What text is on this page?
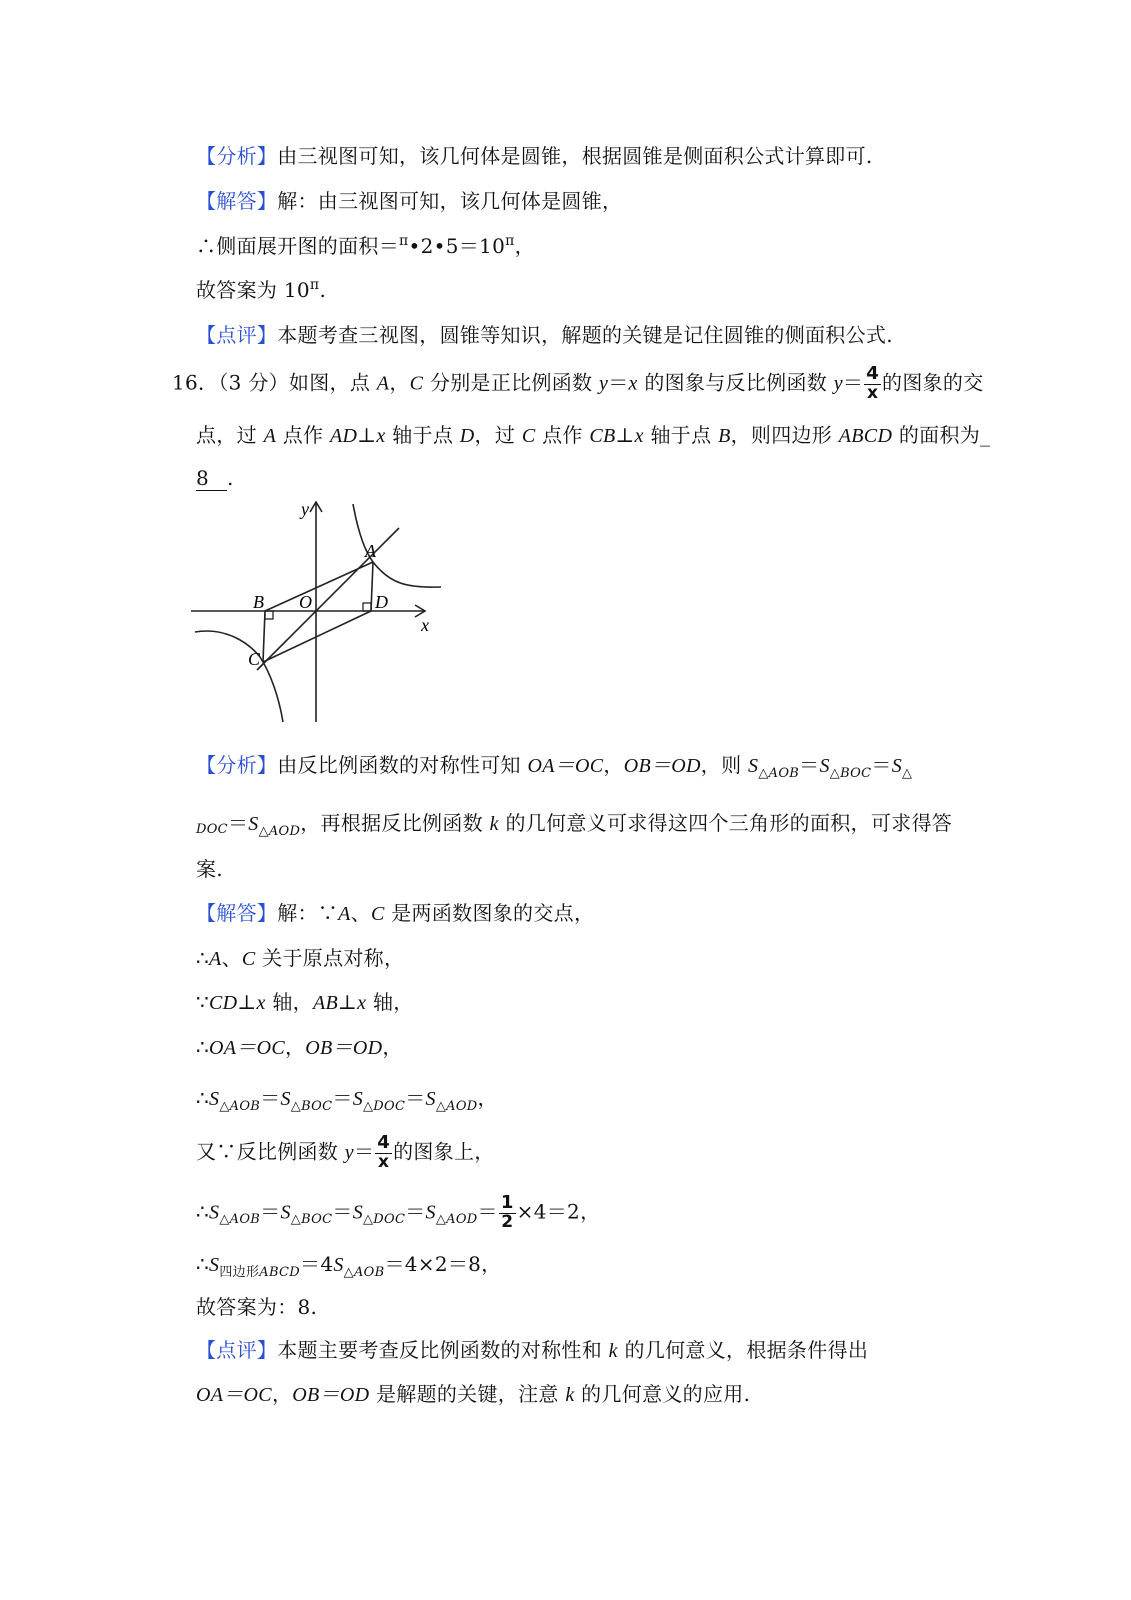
【分析】由三视图可知，该几何体是圆锥，根据圆锥是侧面积公式计算即可.
【解答】解：由三视图可知，该几何体是圆锥，
∴侧面展开图的面积$=^\pi•2•5=10^\pi$，
故答案为 $10^\pi$.
【点评】本题考查三视图，圆锥等知识，解题的关键是记住圆锥的侧面积公式.
16．（3 分）如图，点 A，C 分别是正比例函数 y＝x 的图象与反比例函数 $y= \frac{4}{x}$ 的图象的交
点，过 A 点作 AD⊥x 轴于点 D，过 C 点作 CB⊥x 轴于点 B，则四边形 ABCD 的面积为_
8 .
y
x
O
A
B
C
D
【分析】由反比例函数的对称性可知 OA＝OC，OB＝OD，则 $S_{\triangle AOB}=S_{\triangle BOC}=S_\triangle$
$DOC=S_{\triangle AOD}$，再根据反比例函数 k 的几何意义可求得这四个三角形的面积，可求得答
案.
【解答】解：∵A、C 是两函数图象的交点，
∴A、C 关于原点对称，
∵CD⊥x 轴，AB⊥x 轴，
∴OA＝OC，OB＝OD，
$\therefore S_{\triangle AOB}=S_{\triangle BOC}=S_{\triangle DOC}=S_{\triangle AOD}$，
又∵反比例函数 $y= \frac{4}{x}$ 的图象上，
$\therefore S_{\triangle AOB}=S_{\triangle BOC}=S_{\triangle DOC}=S_{\triangle AOD}= \frac{1}{2} \times 4=2$，
$\therefore S_{四边形ABCD}=4S_{\triangle AOB}=4\times 2=8$，
故答案为：8.
【点评】本题主要考查反比例函数的对称性和 k 的几何意义，根据条件得出
OA＝OC，OB＝OD 是解题的关键，注意 k 的几何意义的应用.
